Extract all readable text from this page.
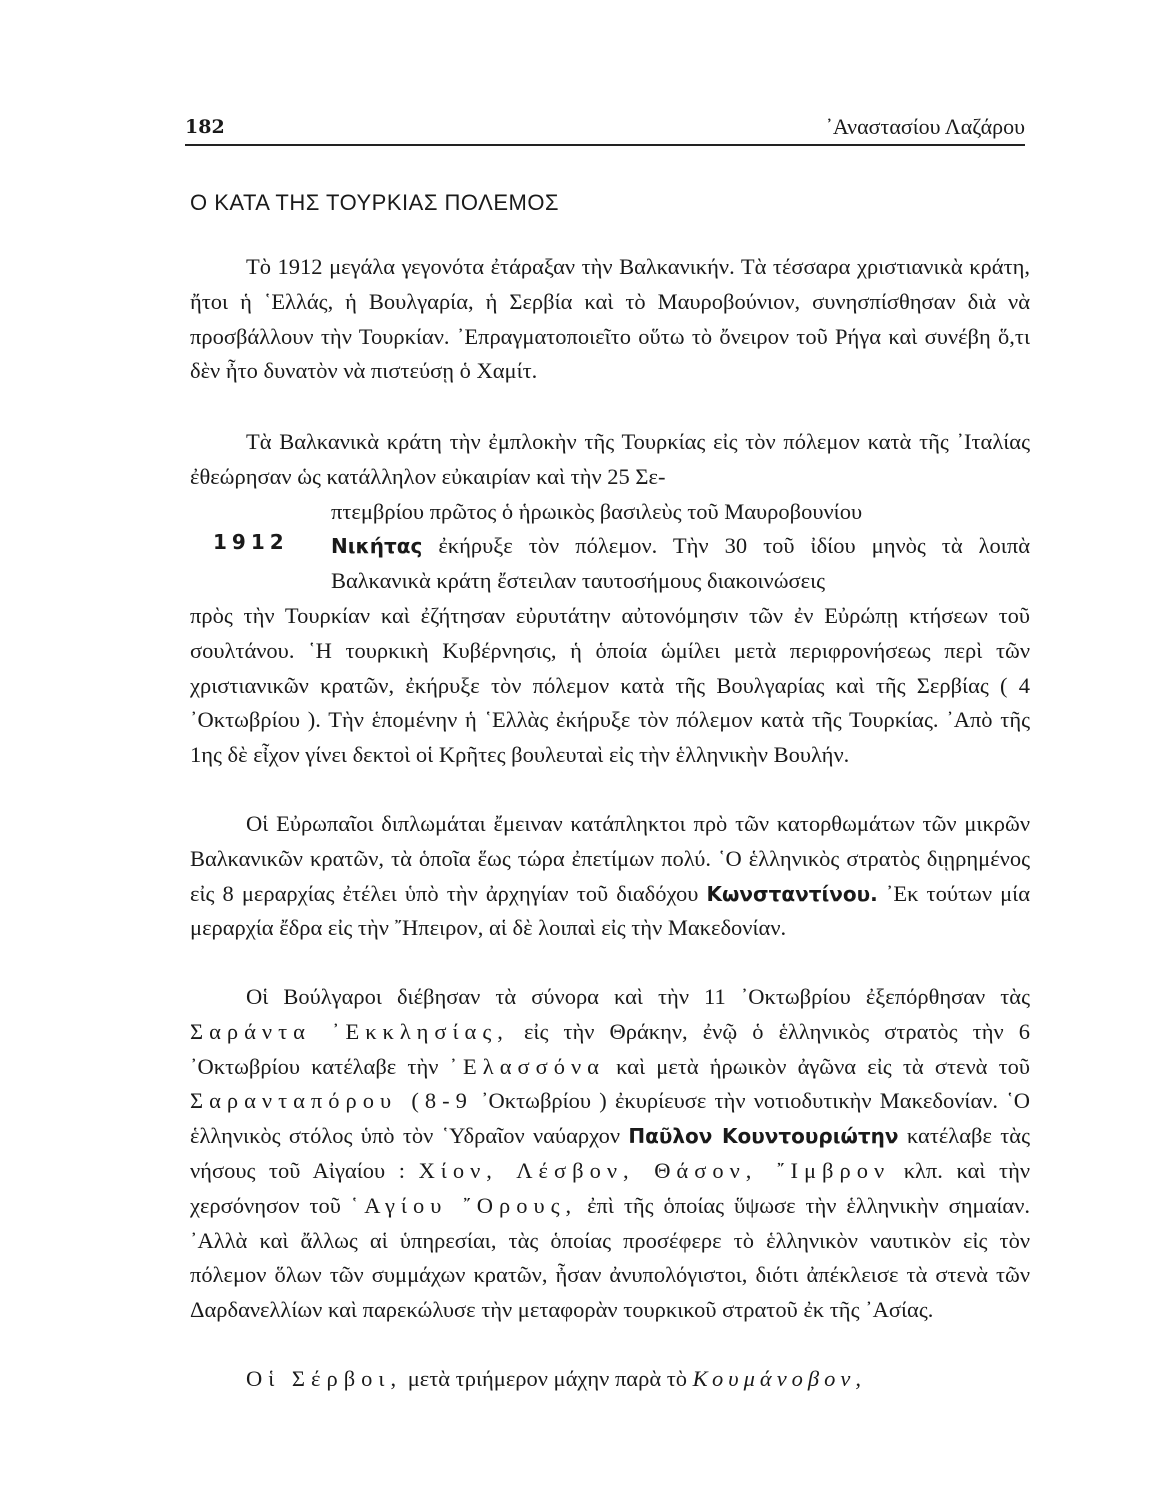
182	᾿Αναστασίου Λαζάρου
Ο ΚΑΤΑ ΤΗΣ ΤΟΥΡΚΙΑΣ ΠΟΛΕΜΟΣ

Τὸ 1912 μεγάλα γεγονότα ἐτάραξαν τὴν Βαλκανικήν. Τὰ τέσσαρα χριστιανικὰ κράτη, ἤτοι ἡ ῾Ελλάς, ἡ Βουλγαρία, ἡ Σερβία καὶ τὸ Μαυροβούνιον, συνησπίσθησαν διὰ νὰ προσβάλλουν τὴν Τουρκίαν. ᾿Επραγματοποιεῖτο οὕτω τὸ ὄνειρον τοῦ Ρήγα καὶ συνέβη ὅ,τι δὲν ἦτο δυνατὸν νὰ πιστεύσῃ ὁ Χαμίτ.

Τὰ Βαλκανικὰ κράτη τὴν ἐμπλοκὴν τῆς Τουρκίας εἰς τὸν πόλεμον κατὰ τῆς ᾿Ιταλίας ἐθεώρησαν ὡς κατάλληλον εὐκαιρίαν καὶ τὴν 25 Σε-

πτεμβρίου πρῶτος ὁ ἡρωικὸς βασιλεὺς τοῦ Μαυροβουνίου
Νικήτας ἐκήρυξε τὸν πόλεμον. Τὴν 30 τοῦ ἰδίου μηνὸς τὰ λοιπὰ Βαλκανικὰ κράτη ἔστειλαν ταυτοσήμους διακοινώσεις

πρὸς τὴν Τουρκίαν καὶ ἐζήτησαν εὐρυτάτην αὐτονόμησιν τῶν ἐν Εὐρώπῃ κτήσεων τοῦ σουλτάνου. ῾Η τουρκικὴ Κυβέρνησις, ἡ ὁποία ὡμίλει μετὰ περιφρονήσεως περὶ τῶν χριστιανικῶν κρατῶν, ἐκήρυξε τὸν πόλεμον κατὰ τῆς Βουλγαρίας καὶ τῆς Σερβίας ( 4 ᾿Οκτωβρίου ). Τὴν ἑπομένην ἡ ῾Ελλὰς ἐκήρυξε τὸν πόλεμον κατὰ τῆς Τουρκίας. ᾿Απὸ τῆς 1ης δὲ εἶχον γίνει δεκτοὶ οἱ Κρῆτες βουλευταὶ εἰς τὴν ἑλληνικὴν Βουλήν.

1912

Οἱ Εὐρωπαῖοι διπλωμάται ἔμειναν κατάπληκτοι πρὸ τῶν κατορθωμάτων τῶν μικρῶν Βαλκανικῶν κρατῶν, τὰ ὁποῖα ἕως τώρα ἐπετίμων πολύ. ῾Ο ἑλληνικὸς στρατὸς διῃρημένος εἰς 8 μεραρχίας ἐτέλει ὑπὸ τὴν ἀρχηγίαν τοῦ διαδόχου Κωνσταντίνου. ᾿Εκ τούτων μία μεραρχία ἔδρα εἰς τὴν ῎Ηπειρον, αἱ δὲ λοιπαὶ εἰς τὴν Μακεδονίαν.

Οἱ Βούλγαροι διέβησαν τὰ σύνορα καὶ τὴν 11 ᾿Οκτωβρίου ἐξεπόρθησαν τὰς Σαράντα ᾿Εκκλησίας, εἰς τὴν Θράκην, ἐνῷ ὁ ἑλληνικὸς στρατὸς τὴν 6 ᾿Οκτωβρίου κατέλαβε τὴν ᾿Ελασσόνα καὶ μετὰ ἡρωικὸν ἀγῶνα εἰς τὰ στενὰ τοῦ Σαρανταπόρου (8-9 ᾿Οκτωβρίου ) ἐκυρίευσε τὴν νοτιοδυτικὴν Μακεδονίαν. ῾Ο ἑλληνικὸς στόλος ὑπὸ τὸν ῾Υδραῖον ναύαρχον Παῦλον Κουντουριώτην κατέλαβε τὰς νήσους τοῦ Αἰγαίου : Χίον, Λέσβον, Θάσον, ῎Ιμβρον κλπ. καὶ τὴν χερσόνησον τοῦ ῾Αγίου ῎Ορους, ἐπὶ τῆς ὁποίας ὕψωσε τὴν ἑλληνικὴν σημαίαν. ᾿Αλλὰ καὶ ἄλλως αἱ ὑπηρεσίαι, τὰς ὁποίας προσέφερε τὸ ἑλληνικὸν ναυτικὸν εἰς τὸν πόλεμον ὅλων τῶν συμμάχων κρατῶν, ἦσαν ἀνυπολόγιστοι, διότι ἀπέκλεισε τὰ στενὰ τῶν Δαρδανελλίων καὶ παρεκώλυσε τὴν μεταφορὰν τουρκικοῦ στρατοῦ ἐκ τῆς ᾿Ασίας.

Οἱ Σέρβοι, μετὰ τριήμερον μάχην παρὰ τὸ Κουμάνοβον,
